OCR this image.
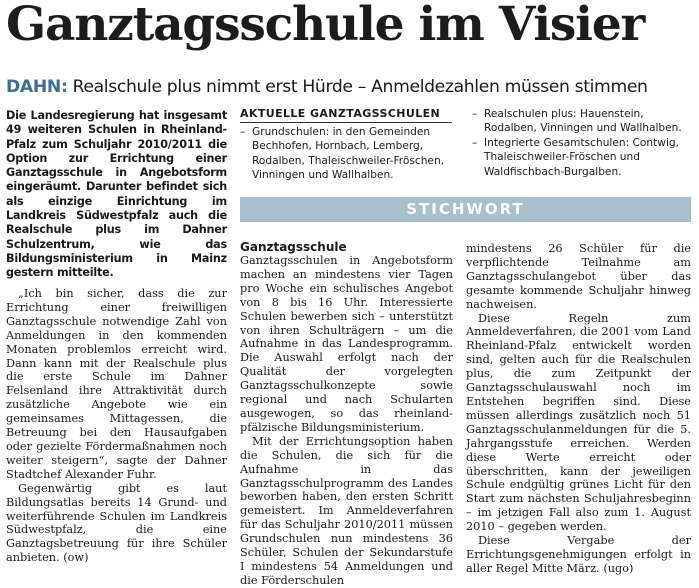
Ganztagsschule im Visier
DAHN: Realschule plus nimmt erst Hürde – Anmeldezahlen müssen stimmen

Die Landesregierung hat insgesamt 49 weiteren Schulen in Rheinland-Pfalz zum Schuljahr 2010/2011 die Option zur Errichtung einer Ganztagsschule in Angebotsform eingeräumt. Darunter befindet sich als einzige Einrichtung im Landkreis Südwestpfalz auch die Realschule plus im Dahner Schulzentrum, wie das Bildungsministerium in Mainz gestern mitteilte.

„Ich bin sicher, dass die zur Errichtung einer freiwilligen Ganztagsschule notwendige Zahl von Anmeldungen in den kommenden Monaten problemlos erreicht wird. Dann kann mit der Realschule plus die erste Schule im Dahner Felsenland ihre Attraktivität durch zusätzliche Angebote wie ein gemeinsames Mittagessen, die Betreuung bei den Hausaufgaben oder gezielte Fördermaßnahmen noch weiter steigern“, sagte der Dahner Stadtchef Alexander Fuhr.

Gegenwärtig gibt es laut Bildungsatlas bereits 14 Grund- und weiterführende Schulen im Landkreis Südwestpfalz, die eine Ganztagsbetreuung für ihre Schüler anbieten. (ow)

AKTUELLE GANZTAGSSCHULEN
– Grundschulen: in den Gemeinden Bechhofen, Hornbach, Lemberg, Rodalben, Thaleischweiler-Fröschen, Vinningen und Wallhalben.
– Realschulen plus: Hauenstein, Rodalben, Vinningen und Wallhalben.
– Integrierte Gesamtschulen: Contwig, Thaleischweiler-Fröschen und Waldfischbach-Burgalben.
STICHWORT

Ganztagsschule

Ganztagsschulen in Angebotsform machen an mindestens vier Tagen pro Woche ein schulisches Angebot von 8 bis 16 Uhr. Interessierte Schulen bewerben sich – unterstützt von ihren Schulträgern – um die Aufnahme in das Landesprogramm. Die Auswahl erfolgt nach der Qualität der vorgelegten Ganztagsschulkonzepte sowie regional und nach Schularten ausgewogen, so das rheinland-pfälzische Bildungsministerium.

Mit der Errichtungsoption haben die Schulen, die sich für die Aufnahme in das Ganztagsschulprogramm des Landes beworben haben, den ersten Schritt gemeistert. Im Anmeldeverfahren für das Schuljahr 2010/2011 müssen Grundschulen nun mindestens 36 Schüler, Schulen der Sekundarstufe I mindestens 54 Anmeldungen und die Förderschulen

mindestens 26 Schüler für die verpflichtende Teilnahme am Ganztagsschulangebot über das gesamte kommende Schuljahr hinweg nachweisen.

Diese Regeln zum Anmeldeverfahren, die 2001 vom Land Rheinland-Pfalz entwickelt worden sind, gelten auch für die Realschulen plus, die zum Zeitpunkt der Ganztagsschulauswahl noch im Entstehen begriffen sind. Diese müssen allerdings zusätzlich noch 51 Ganztagsschulanmeldungen für die 5. Jahrgangsstufe erreichen. Werden diese Werte erreicht oder überschritten, kann der jeweiligen Schule endgültig grünes Licht für den Start zum nächsten Schuljahresbeginn – im jetzigen Fall also zum 1. August 2010 – gegeben werden.

Diese Vergabe der Errichtungsgenehmigungen erfolgt in aller Regel Mitte März. (ugo)
